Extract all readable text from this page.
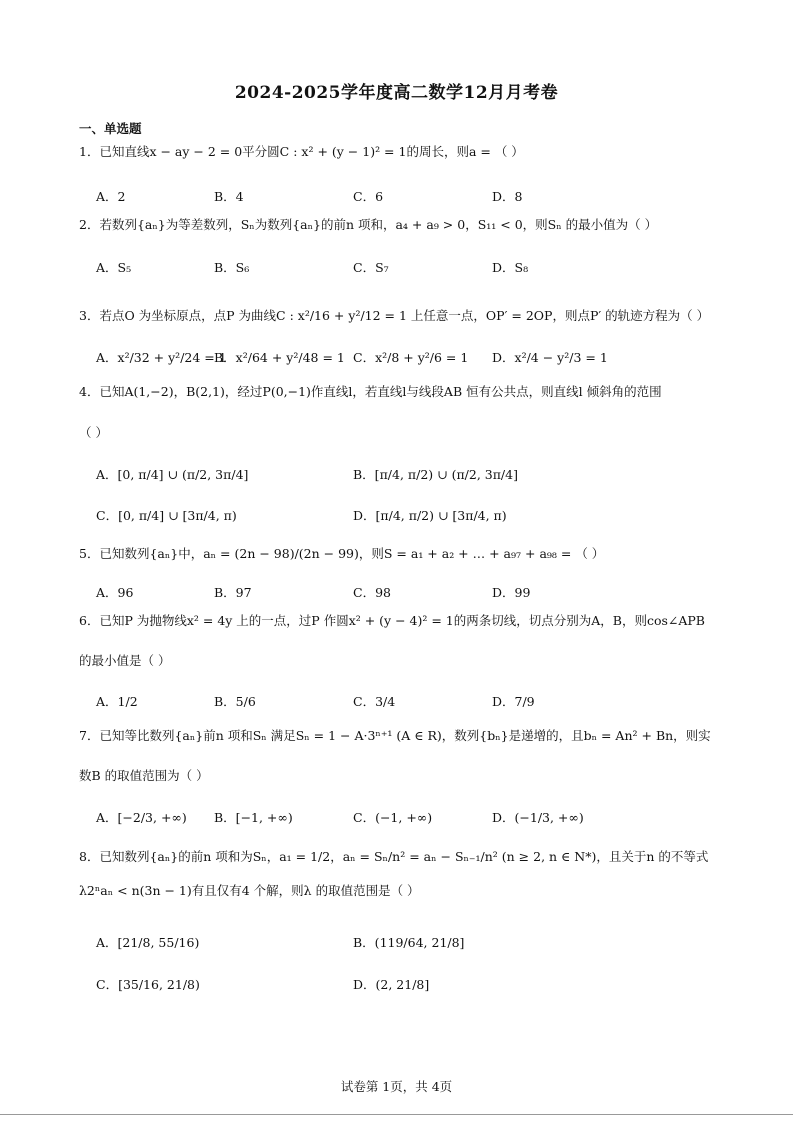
2024-2025学年度高二数学12月月考卷
一、单选题
1．已知直线x − ay − 2 = 0平分圆C : x² + (y − 1)² = 1的周长，则a = （ ）
A．2	B．4	C．6	D．8
2．若数列{aₙ}为等差数列，Sₙ为数列{aₙ}的前n 项和，a₄ + a₉ > 0，S₁₁ < 0，则Sₙ 的最小值为（ ）
A．S₅	B．S₆	C．S₇	D．S₈
3．若点O 为坐标原点，点P 为曲线C : x²/16 + y²/12 = 1 上任意一点，OP′ = 2OP，则点P′ 的轨迹方程为（ ）
A．x²/32 + y²/24 = 1
B．x²/64 + y²/48 = 1 C．x²/8 + y²/6 = 1 D．x²/4 − y²/3 = 1
4．已知A(1,−2)，B(2,1)，经过P(0,−1)作直线l，若直线l与线段AB 恒有公共点，则直线l 倾斜角的范围
（ ）
A．[0, π/4] ∪ (π/2, 3π/4]	B．[π/4, π/2) ∪ (π/2, 3π/4]
C．[0, π/4] ∪ [3π/4, π)	D．[π/4, π/2) ∪ [3π/4, π)
5．已知数列{aₙ}中，aₙ = (2n − 98)/(2n − 99)，则S = a₁ + a₂ + … + a₉₇ + a₉₈ = （ ）
A．96	B．97	C．98	D．99
6．已知P 为抛物线x² = 4y 上的一点，过P 作圆x² + (y − 4)² = 1的两条切线，切点分别为A，B，则cos∠APB
的最小值是（ ）
A．1/2	B．5/6	C．3/4	D．7/9
7．已知等比数列{aₙ}前n 项和Sₙ 满足Sₙ = 1 − A·3ⁿ⁺¹ (A ∈ R)，数列{bₙ}是递增的，且bₙ = An² + Bn，则实
数B 的取值范围为（ ）
A．[−2/3, +∞) B．[−1, +∞)	C．(−1, +∞)	D．(−1/3, +∞)
8．已知数列{aₙ}的前n 项和为Sₙ，a₁ = 1/2，aₙ = Sₙ/n² = aₙ − Sₙ₋₁/n² (n ≥ 2, n ∈ N*)，且关于n 的不等式
λ2ⁿaₙ < n(3n − 1)有且仅有4 个解，则λ 的取值范围是（ ）
A．[21/8, 55/16)	B．(119/64, 21/8]
C．[35/16, 21/8)	D．(2, 21/8]
试卷第 1页，共 4页
